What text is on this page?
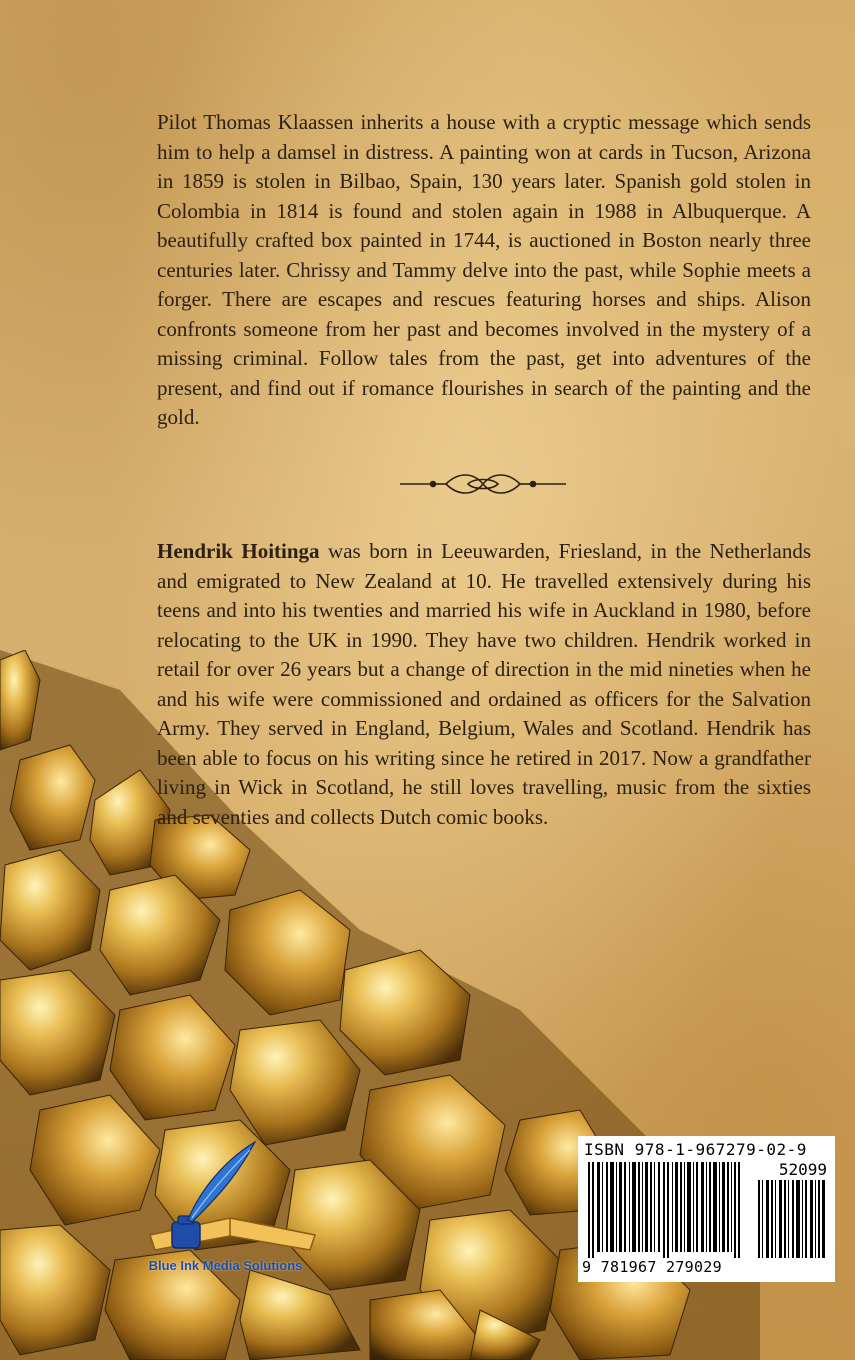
Pilot Thomas Klaassen inherits a house with a cryptic message which sends him to help a damsel in distress. A painting won at cards in Tucson, Arizona in 1859 is stolen in Bilbao, Spain, 130 years later. Spanish gold stolen in Colombia in 1814 is found and stolen again in 1988 in Albuquerque. A beautifully crafted box painted in 1744, is auctioned in Boston nearly three centuries later. Chrissy and Tammy delve into the past, while Sophie meets a forger. There are escapes and rescues featuring horses and ships. Alison confronts someone from her past and becomes involved in the mystery of a missing criminal. Follow tales from the past, get into adventures of the present, and find out if romance flourishes in search of the painting and the gold.

Hendrik Hoitinga was born in Leeuwarden, Friesland, in the Netherlands and emigrated to New Zealand at 10. He travelled extensively during his teens and into his twenties and married his wife in Auckland in 1980, before relocating to the UK in 1990. They have two children. Hendrik worked in retail for over 26 years but a change of direction in the mid nineties when he and his wife were commissioned and ordained as officers for the Salvation Army. They served in England, Belgium, Wales and Scotland. Hendrik has been able to focus on his writing since he retired in 2017. Now a grandfather living in Wick in Scotland, he still loves travelling, music from the sixties and seventies and collects Dutch comic books.

Blue Ink Media Solutions
ISBN 978-1-967279-02-9
52099
9 781967 279029
